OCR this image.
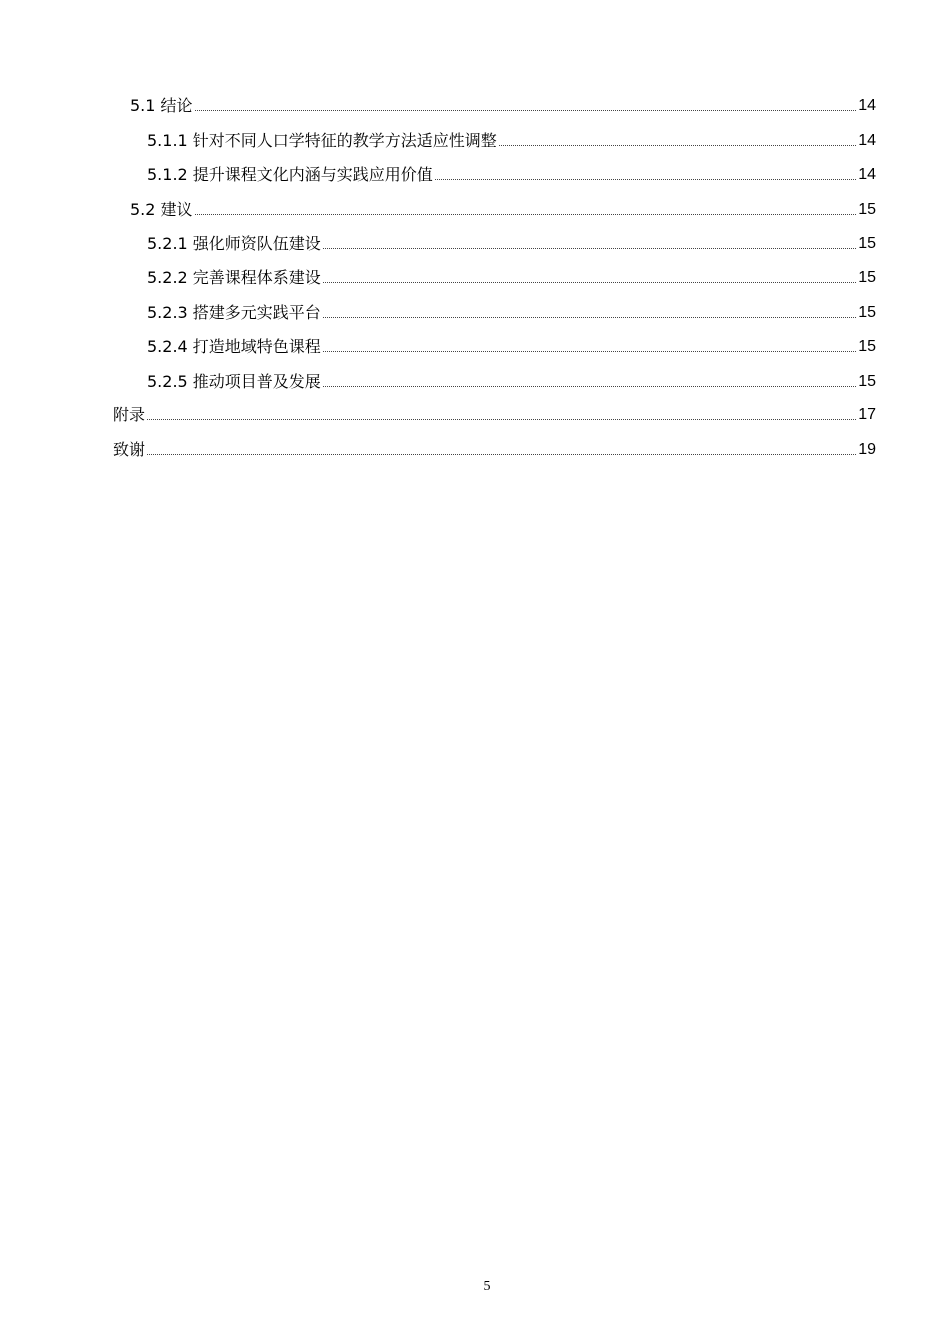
5.1 结论	14
5.1.1 针对不同人口学特征的教学方法适应性调整	14
5.1.2 提升课程文化内涵与实践应用价值	14
5.2 建议	15
5.2.1 强化师资队伍建设	15
5.2.2 完善课程体系建设	15
5.2.3 搭建多元实践平台	15
5.2.4 打造地域特色课程	15
5.2.5 推动项目普及发展	15
附录	17
致谢	19
5
